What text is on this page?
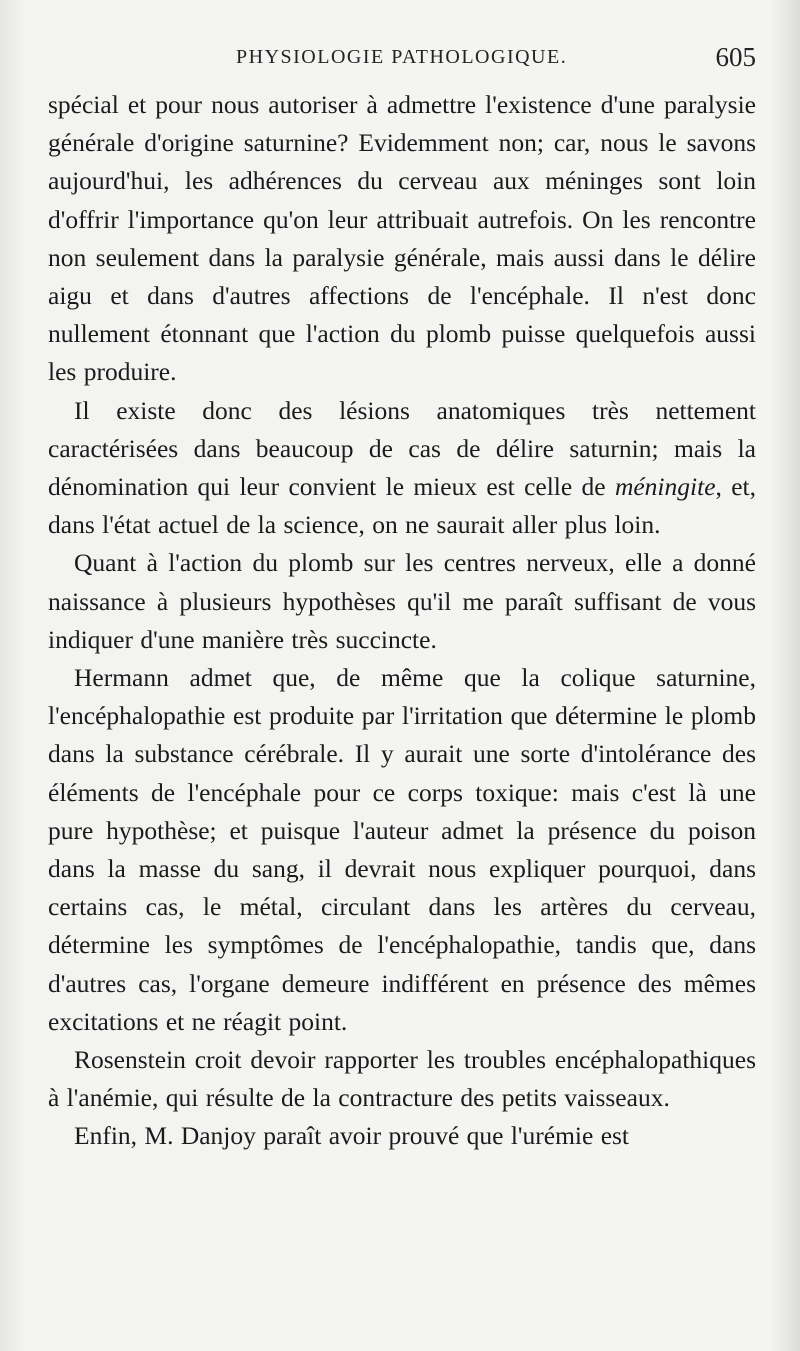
PHYSIOLOGIE PATHOLOGIQUE.	605

spécial et pour nous autoriser à admettre l'existence d'une paralysie générale d'origine saturnine? Evidemment non; car, nous le savons aujourd'hui, les adhérences du cerveau aux méninges sont loin d'offrir l'importance qu'on leur attribuait autrefois. On les rencontre non seulement dans la paralysie générale, mais aussi dans le délire aigu et dans d'autres affections de l'encéphale. Il n'est donc nullement étonnant que l'action du plomb puisse quelquefois aussi les produire.

Il existe donc des lésions anatomiques très nettement caractérisées dans beaucoup de cas de délire saturnin; mais la dénomination qui leur convient le mieux est celle de méningite, et, dans l'état actuel de la science, on ne saurait aller plus loin.

Quant à l'action du plomb sur les centres nerveux, elle a donné naissance à plusieurs hypothèses qu'il me paraît suffisant de vous indiquer d'une manière très succincte.

Hermann admet que, de même que la colique saturnine, l'encéphalopathie est produite par l'irritation que détermine le plomb dans la substance cérébrale. Il y aurait une sorte d'intolérance des éléments de l'encéphale pour ce corps toxique: mais c'est là une pure hypothèse; et puisque l'auteur admet la présence du poison dans la masse du sang, il devrait nous expliquer pourquoi, dans certains cas, le métal, circulant dans les artères du cerveau, détermine les symptômes de l'encéphalopathie, tandis que, dans d'autres cas, l'organe demeure indifférent en présence des mêmes excitations et ne réagit point.

Rosenstein croit devoir rapporter les troubles encéphalopathiques à l'anémie, qui résulte de la contracture des petits vaisseaux.

Enfin, M. Danjoy paraît avoir prouvé que l'urémie est
